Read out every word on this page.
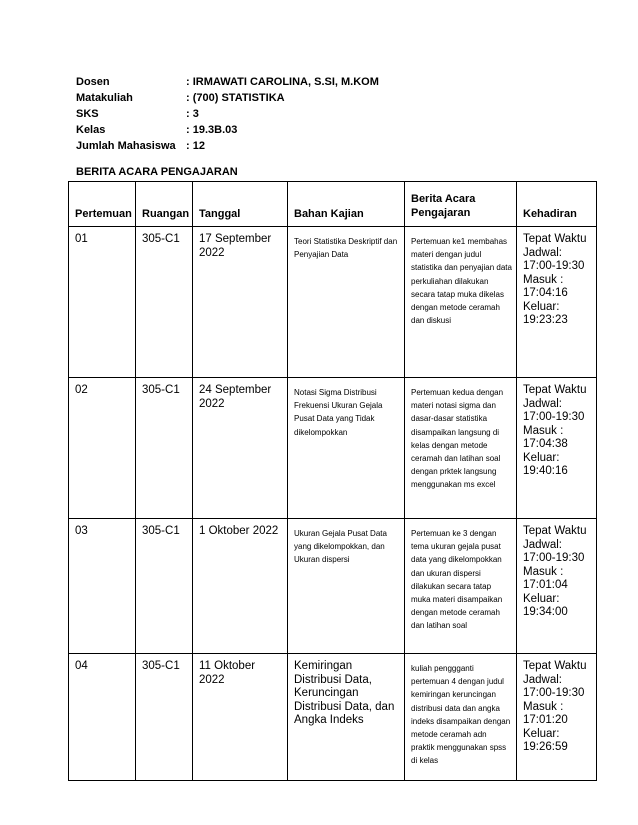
Dosen	: IRMAWATI CAROLINA, S.SI, M.KOM
Matakuliah	: (700) STATISTIKA
SKS	: 3
Kelas	: 19.3B.03
Jumlah Mahasiswa : 12
BERITA ACARA PENGAJARAN
Pertemuan	Ruangan	Tanggal	Bahan Kajian	Berita Acara Pengajaran	Kehadiran
01	305-C1	17 September 2022	Teori Statistika Deskriptif dan Penyajian Data	Pertemuan ke1 membahas materi dengan judul statistika dan penyajian data perkuliahan dilakukan secara tatap muka dikelas dengan metode ceramah dan diskusi	Tepat Waktu
Jadwal: 17:00-19:30
Masuk : 17:04:16
Keluar: 19:23:23

02	305-C1	24 September 2022	Notasi Sigma Distribusi Frekuensi Ukuran Gejala Pusat Data yang Tidak dikelompokkan	Pertemuan kedua dengan materi notasi sigma dan dasar-dasar statistika disampaikan langsung di kelas dengan metode ceramah dan latihan soal dengan prktek langsung menggunakan ms excel	Tepat Waktu
Jadwal: 17:00-19:30
Masuk : 17:04:38
Keluar: 19:40:16

03	305-C1	1 Oktober 2022	Ukuran Gejala Pusat Data yang dikelompokkan, dan Ukuran dispersi	Pertemuan ke 3 dengan tema ukuran gejala pusat data yang dikelompokkan dan ukuran dispersi dilakukan secara tatap muka materi disampaikan dengan metode ceramah dan latihan soal	Tepat Waktu
Jadwal: 17:00-19:30
Masuk : 17:01:04
Keluar: 19:34:00

04	305-C1	11 Oktober 2022	Kemiringan Distribusi Data, Keruncingan Distribusi Data, dan Angka Indeks	kuliah penggganti pertemuan 4 dengan judul kemiringan keruncingan distribusi data dan angka indeks disampaikan dengan metode ceramah adn praktik menggunakan spss di kelas	Tepat Waktu
Jadwal: 17:00-19:30
Masuk : 17:01:20
Keluar: 19:26:59
